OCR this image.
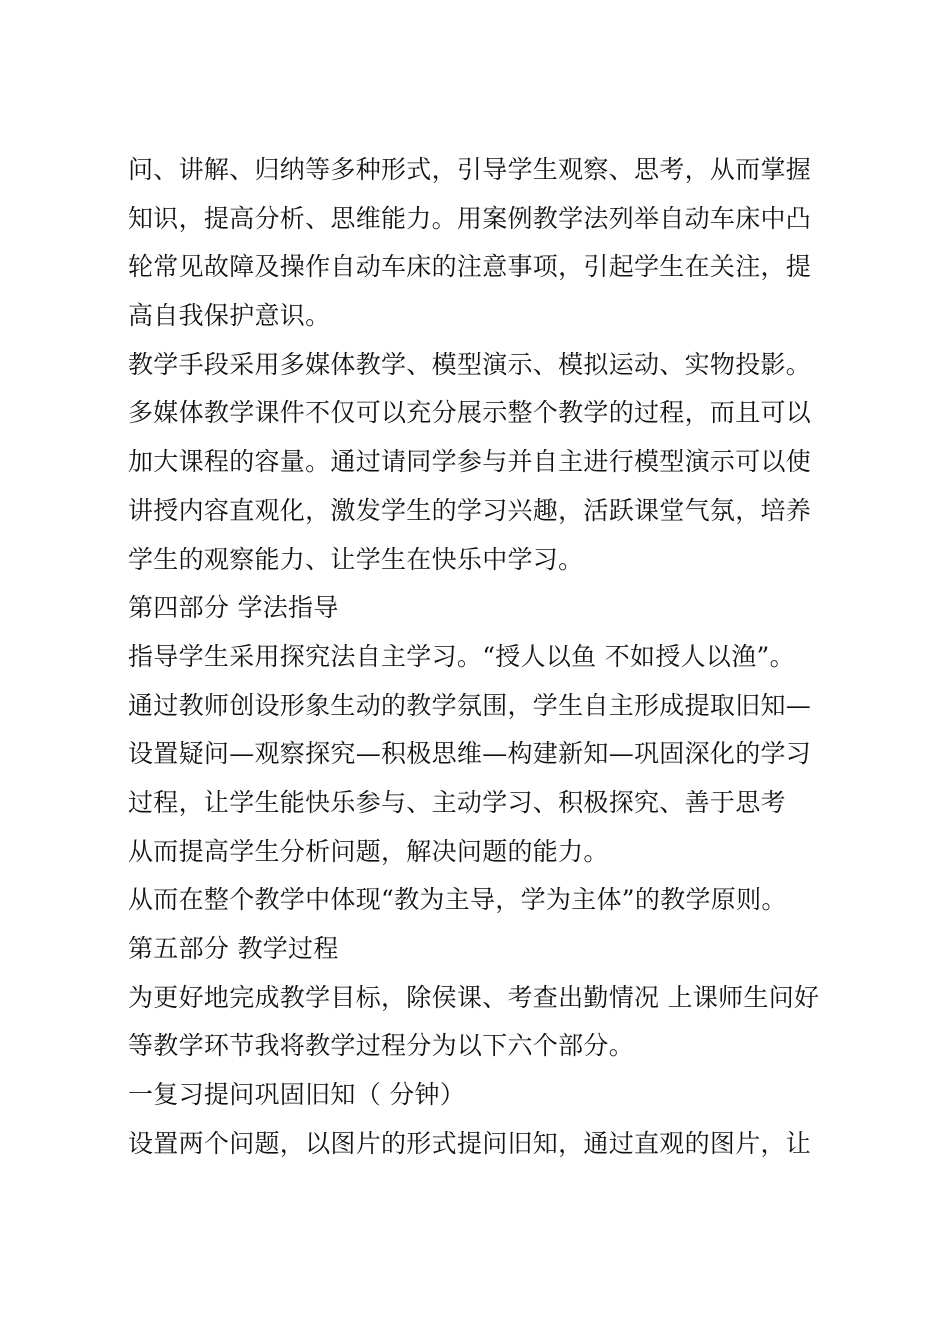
问、讲解、归纳等多种形式，引导学生观察、思考，从而掌握
知识，提高分析、思维能力。用案例教学法列举自动车床中凸
轮常见故障及操作自动车床的注意事项，引起学生在关注，提
高自我保护意识。
教学手段采用多媒体教学、模型演示、模拟运动、实物投影。
多媒体教学课件不仅可以充分展示整个教学的过程，而且可以
加大课程的容量。通过请同学参与并自主进行模型演示可以使
讲授内容直观化，激发学生的学习兴趣，活跃课堂气氛，培养
学生的观察能力、让学生在快乐中学习。
第四部分 学法指导
指导学生采用探究法自主学习。“授人以鱼 不如授人以渔”。
通过教师创设形象生动的教学氛围，学生自主形成提取旧知—
设置疑问—观察探究—积极思维—构建新知—巩固深化的学习
过程，让学生能快乐参与、主动学习、积极探究、善于思考
从而提高学生分析问题，解决问题的能力。
从而在整个教学中体现“教为主导，学为主体”的教学原则。
第五部分 教学过程
为更好地完成教学目标，除侯课、考查出勤情况 上课师生问好
等教学环节我将教学过程分为以下六个部分。
一复习提问巩固旧知（ 分钟）
设置两个问题，以图片的形式提问旧知，通过直观的图片，让
